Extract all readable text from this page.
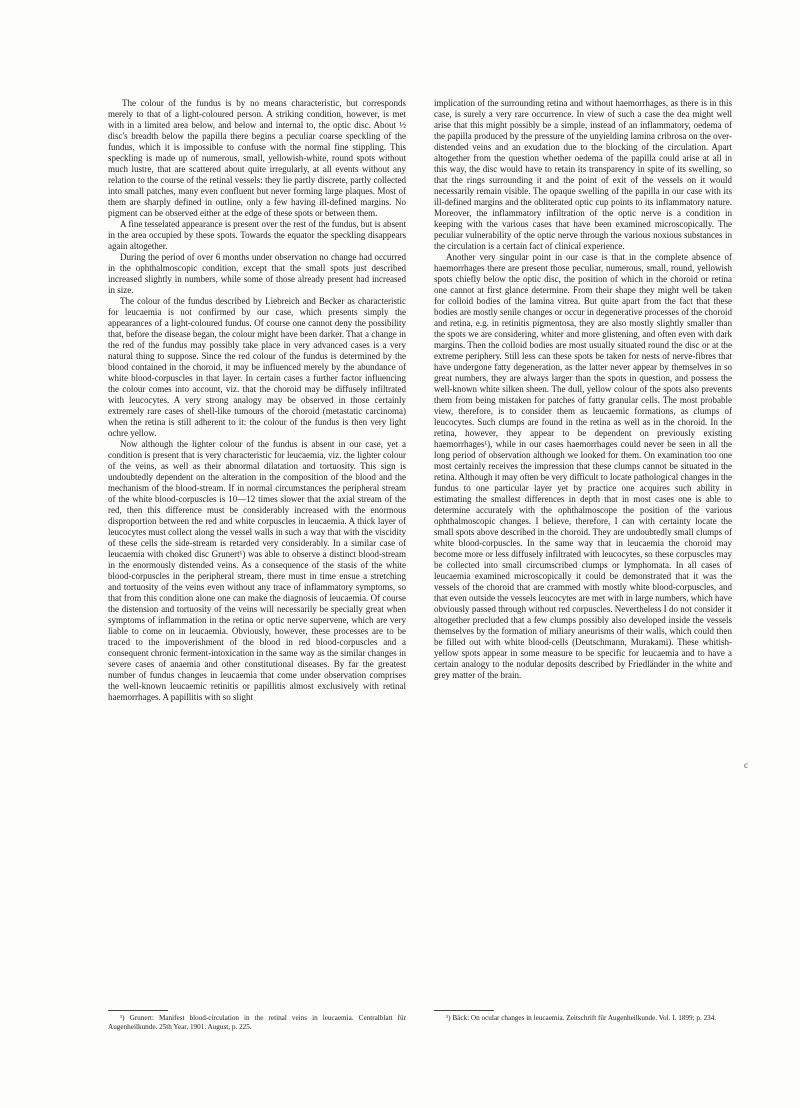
The colour of the fundus is by no means characteristic, but corresponds merely to that of a light-coloured person. A striking condition, however, is met with in a limited area below, and below and internal to, the optic disc. About ½ disc's breadth below the papilla there begins a peculiar coarse speckling of the fundus, which it is impossible to confuse with the normal fine stippling. This speckling is made up of numerous, small, yellowish-white, round spots without much lustre, that are scattered about quite irregularly, at all events without any relation to the course of the retinal vessels: they lie partly discrete, partly collected into small patches, many even confluent but never forming large plaques. Most of them are sharply defined in outline, only a few having ill-defined margins. No pigment can be observed either at the edge of these spots or between them.

A fine tesselated appearance is present over the rest of the fundus, but is absent in the area occupied by these spots. Towards the equator the speckling disappears again altogether.

During the period of over 6 months under observation no change had occurred in the ophthalmoscopic condition, except that the small spots just described increased slightly in numbers, while some of those already present had increased in size.

The colour of the fundus described by Liebreich and Becker as characteristic for leucaemia is not confirmed by our case, which presents simply the appearances of a light-coloured fundus. Of course one cannot deny the possibility that, before the disease began, the colour might have been darker. That a change in the red of the fundus may possibly take place in very advanced cases is a very natural thing to suppose. Since the red colour of the fundus is determined by the blood contained in the choroid, it may be influenced merely by the abundance of white blood-corpuscles in that layer. In certain cases a further factor influencing the colour comes into account, viz. that the choroid may be diffusely infiltrated with leucocytes. A very strong analogy may be observed in those certainly extremely rare cases of shell-like tumours of the choroid (metastatic carcinoma) when the retina is still adherent to it: the colour of the fundus is then very light ochre yellow.

Now although the lighter colour of the fundus is absent in our case, yet a condition is present that is very characteristic for leucaemia, viz. the lighter colour of the veins, as well as their abnormal dilatation and tortuosity. This sign is undoubtedly dependent on the alteration in the composition of the blood and the mechanism of the blood-stream. If in normal circumstances the peripheral stream of the white blood-corpuscles is 10—12 times slower that the axial stream of the red, then this difference must be considerably increased with the enormous disproportion between the red and white corpuscles in leucaemia. A thick layer of leucocytes must collect along the vessel walls in such a way that with the viscidity of these cells the side-stream is retarded very considerably. In a similar case of leucaemia with choked disc Grunert¹) was able to observe a distinct blood-stream in the enormously distended veins. As a consequence of the stasis of the white blood-corpuscles in the peripheral stream, there must in time ensue a stretching and tortuosity of the veins even without any trace of inflammatory symptoms, so that from this condition alone one can make the diagnosis of leucaemia. Of course the distension and tortuosity of the veins will necessarily be specially great when symptoms of inflammation in the retina or optic nerve supervene, which are very liable to come on in leucaemia. Obviously, however, these processes are to be traced to the impoverishment of the blood in red blood-corpuscles and a consequent chronic ferment-intoxication in the same way as the similar changes in severe cases of anaemia and other constitutional diseases. By far the greatest number of fundus changes in leucaemia that come under observation comprises the well-known leucaemic retinitis or papillitis almost exclusively with retinal haemorrhages. A papillitis with so slight

¹) Grunert: Manifest blood-circulation in the retinal veins in leucaemia. Centralblatt für Augenheilkunde. 25th Year, 1901. August, p. 225.

implication of the surrounding retina and without haemorrhages, as there is in this case, is surely a very rare occurrence. In view of such a case the dea might well arise that this might possibly be a simple, instead of an inflammatory, oedema of the papilla produced by the pressure of the unyielding lamina cribrosa on the over-distended veins and an exudation due to the blocking of the circulation. Apart altogether from the question whether oedema of the papilla could arise at all in this way, the disc would have to retain its transparency in spite of its swelling, so that the rings surrounding it and the point of exit of the vessels on it would necessarily remain visible. The opaque swelling of the papilla in our case with its ill-defined margins and the obliterated optic cup points to its inflammatory nature. Moreover, the inflammatory infiltration of the optic nerve is a condition in keeping with the various cases that have been examined microscopically. The peculiar vulnerability of the optic nerve through the various noxious substances in the circulation is a certain fact of clinical experience.

Another very singular point in our case is that in the complete absence of haemorrhages there are present those peculiar, numerous, small, round, yellowish spots chiefly below the optic disc, the position of which in the choroid or retina one cannot at first glance determine. From their shape they might well be taken for colloid bodies of the lamina vitrea. But quite apart from the fact that these bodies are mostly senile changes or occur in degenerative processes of the choroid and retina, e.g. in retinitis pigmentosa, they are also mostly slightly smaller than the spots we are considering, whiter and more glistening, and often even with dark margins. Then the colloid bodies are most usually situated round the disc or at the extreme periphery. Still less can these spots be taken for nests of nerve-fibres that have undergone fatty degeneration, as the latter never appear by themselves in so great numbers, they are always larger than the spots in question, and possess the well-known white silken sheen. The dull, yellow colour of the spots also prevents them from being mistaken for patches of fatty granular cells. The most probable view, therefore, is to consider them as leucaemic formations, as clumps of leucocytes. Such clumps are found in the retina as well as in the choroid. In the retina, however, they appear to be dependent on previously existing haemorrhages¹), while in our cases haemorrhages could never be seen in all the long period of observation although we looked for them. On examination too one most certainly receives the impression that these clumps cannot be situated in the retina. Although it may often be very difficult to locate pathological changes in the fundus to one particular layer yet by practice one acquires such ability in estimating the smallest differences in depth that in most cases one is able to determine accurately with the ophthalmoscope the position of the various ophthalmoscopic changes. I believe, therefore, I can with certainty locate the small spots above described in the choroid. They are undoubtedly small clumps of white blood-corpuscles. In the same way that in leucaemia the choroid may become more or less diffusely infiltrated with leucocytes, so these corpuscles may be collected into small circumscribed clumps or lymphomata. In all cases of leucaemia examined microscopically it could be demonstrated that it was the vessels of the choroid that are crammed with mostly white blood-corpuscles, and that even outside the vessels leucocytes are met with in large numbers, which have obviously passed through without red corpuscles. Nevertheless I do not consider it altogether precluded that a few clumps possibly also developed inside the vessels themselves by the formation of miliary aneurisms of their walls, which could then be filled out with white blood-cells (Deutschmann, Murakami). These whitish-yellow spots appear in some measure to be specific for leucaemia and to have a certain analogy to the nodular deposits described by Friedländer in the white and grey matter of the brain.

¹) Bäck: On ocular changes in leucaemia. Zeitschrift für Augenheilkunde. Vol. I. 1899; p. 234.

c
